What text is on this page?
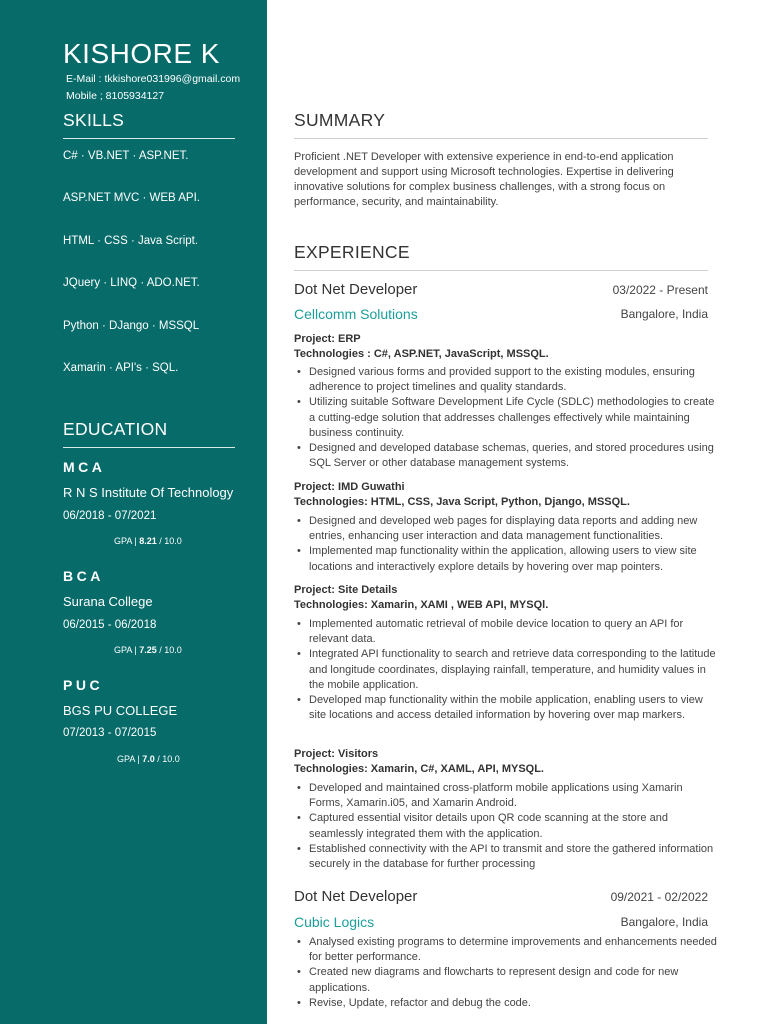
KISHORE K
E-Mail : tkkishore031996@gmail.com
Mobile ; 8105934127
SKILLS
C# · VB.NET · ASP.NET.
ASP.NET MVC · WEB API.
HTML · CSS · Java Script.
JQuery · LINQ · ADO.NET.
Python · DJango · MSSQL
Xamarin · API's · SQL.
EDUCATION
MCA
R N S Institute Of Technology
06/2018 - 07/2021
GPA | 8.21 / 10.0
BCA
Surana College
06/2015 - 06/2018
GPA | 7.25 / 10.0
PUC
BGS PU COLLEGE
07/2013 - 07/2015
GPA | 7.0 / 10.0
SUMMARY
Proficient .NET Developer with extensive experience in end-to-end application development and support using Microsoft technologies. Expertise in delivering innovative solutions for complex business challenges, with a strong focus on performance, security, and maintainability.
EXPERIENCE
Dot Net Developer	03/2022 - Present
Cellcomm Solutions	Bangalore, India
Project: ERP
Technologies : C#, ASP.NET, JavaScript, MSSQL.
• Designed various forms and provided support to the existing modules, ensuring adherence to project timelines and quality standards.
• Utilizing suitable Software Development Life Cycle (SDLC) methodologies to create a cutting-edge solution that addresses challenges effectively while maintaining business continuity.
• Designed and developed database schemas, queries, and stored procedures using SQL Server or other database management systems.
Project: IMD Guwathi
Technologies: HTML, CSS, Java Script, Python, Django, MSSQL.
• Designed and developed web pages for displaying data reports and adding new entries, enhancing user interaction and data management functionalities.
• Implemented map functionality within the application, allowing users to view site locations and interactively explore details by hovering over map pointers.
Project: Site Details
Technologies: Xamarin, XAMI , WEB API, MYSQl.
• Implemented automatic retrieval of mobile device location to query an API for relevant data.
• Integrated API functionality to search and retrieve data corresponding to the latitude and longitude coordinates, displaying rainfall, temperature, and humidity values in the mobile application.
• Developed map functionality within the mobile application, enabling users to view site locations and access detailed information by hovering over map markers.
Project: Visitors
Technologies: Xamarin, C#, XAML, API, MYSQL.
• Developed and maintained cross-platform mobile applications using Xamarin Forms, Xamarin.i05, and Xamarin Android.
• Captured essential visitor details upon QR code scanning at the store and seamlessly integrated them with the application.
• Established connectivity with the API to transmit and store the gathered information securely in the database for further processing
Dot Net Developer	09/2021 - 02/2022
Cubic Logics	Bangalore, India
• Analysed existing programs to determine improvements and enhancements needed for better performance.
• Created new diagrams and flowcharts to represent design and code for new applications.
• Revise, Update, refactor and debug the code.
